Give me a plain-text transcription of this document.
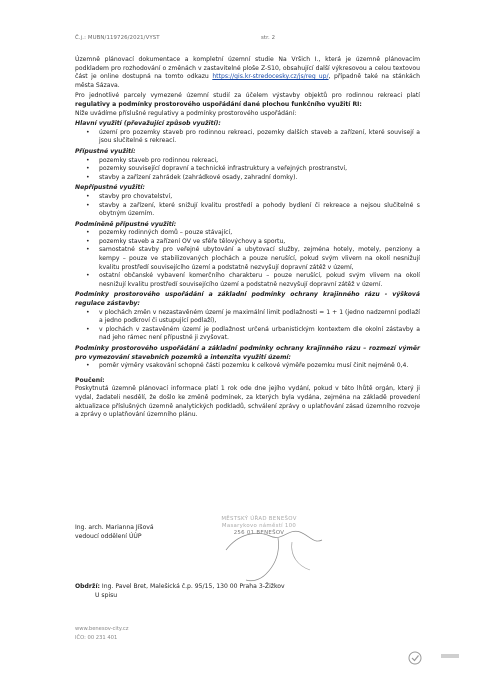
Č.j.: MUBN/119726/2021/VYST	str. 2

Územně plánovací dokumentace a kompletní územní studie Na Vršich I., která je územně plánovacím podkladem pro rozhodování o změnách v zastavitelné ploše Z-S10, obsahující další výkresovou a celou textovou část je online dostupná na tomto odkazu https://gis.kr-stredocesky.cz/js/reg_up/, případně také na stánkách města Sázava.

Pro jednotlivé parcely vymezené územní studií za účelem výstavby objektů pro rodinnou rekreaci platí regulativy a podmínky prostorového uspořádání dané plochou funkčního využití RI:

Níže uvádíme příslušné regulativy a podmínky prostorového uspořádání:

Hlavní využití (převažující způsob využití):

• území pro pozemky staveb pro rodinnou rekreaci, pozemky dalších staveb a zařízení, které souvisejí a jsou slučitelné s rekreací.

Přípustné využití:

• pozemky staveb pro rodinnou rekreaci,
• pozemky související dopravní a technické infrastruktury a veřejných prostranství,
• stavby a zařízení zahrádek (zahrádkové osady, zahradní domky).

Nepřípustné využití:

• stavby pro chovatelství,
• stavby a zařízení, které snižují kvalitu prostředí a pohody bydlení či rekreace a nejsou slučitelné s obytným územím.

Podmíněně přípustné využití:

• pozemky rodinných domů – pouze stávající,
• pozemky staveb a zařízení OV ve sféře tělovýchovy a sportu,
• samostatné stavby pro veřejné ubytování a ubytovací služby, zejména hotely, motely, penziony a kempy – pouze ve stabilizovaných plochách a pouze nerušící, pokud svým vlivem na okolí nesnižují kvalitu prostředí souvisejícího území a podstatně nezvyšují dopravní zátěž v území,
• ostatní občanské vybavení komerčního charakteru – pouze nerušící, pokud svým vlivem na okolí nesnižují kvalitu prostředí souvisejícího území a podstatně nezvyšují dopravní zátěž v území.

Podmínky prostorového uspořádání a základní podmínky ochrany krajinného rázu - výšková regulace zástavby:

• v plochách změn v nezastavěném území je maximální limit podlažnosti = 1 + 1 (jedno nadzemní podlaží a jedno podkroví či ustupující podlaží),
• v plochách v zastavěném území je podlažnost určená urbanistickým kontextem dle okolní zástavby a nad jeho rámec není přípustné ji zvyšovat.

Podmínky prostorového uspořádání a základní podmínky ochrany krajinného rázu – rozmezí výměr pro vymezování stavebních pozemků a intenzita využití území:

• poměr výměry vsakování schopné části pozemku k celkové výměře pozemku musí činit nejméně 0,4.

Poučení:

Poskytnutá územně plánovací informace platí 1 rok ode dne jejího vydání, pokud v této lhůtě orgán, který ji vydal, žadateli nesdělí, že došlo ke změně podmínek, za kterých byla vydána, zejména na základě provedení aktualizace příslušných územně analytických podkladů, schválení zprávy o uplatňování zásad územního rozvoje a zprávy o uplatňování územního plánu.

MĚSTSKÝ ÚŘAD BENEŠOV
Masarykovo náměstí 100
256 01 BENEŠOV
Ing. arch. Marianna Jíšová
vedoucí oddělení ÚÚP
Obdrží: Ing. Pavel Bret, Malešická č.p. 95/15, 130 00 Praha 3-Žižkov
U spisu
www.benesov-city.cz
IČO: 00 231 401
